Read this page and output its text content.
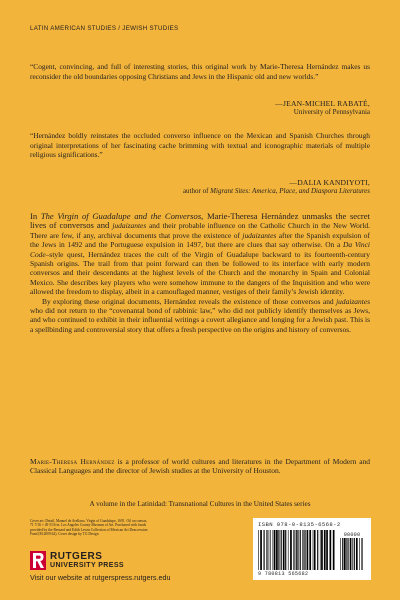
LATIN AMERICAN STUDIES / JEWISH STUDIES
“Cogent, convincing, and full of interesting stories, this original work by Marie-Theresa Hernández makes us reconsider the old boundaries opposing Christians and Jews in the Hispanic old and new worlds.”
—JEAN-MICHEL RABATÉ,
University of Pennsylvania
“Hernández boldly reinstates the occluded converso influence on the Mexican and Spanish Churches through original interpretations of her fascinating cache brimming with textual and iconographic materials of multiple religious significations.”
—DALIA KANDIYOTI,
author of Migrant Sites: America, Place, and Diaspora Literatures

In The Virgin of Guadalupe and the Conversos, Marie-Theresa Hernández unmasks the secret lives of conversos and judaizantes and their probable influence on the Catholic Church in the New World. There are few, if any, archival documents that prove the existence of judaizantes after the Spanish expulsion of the Jews in 1492 and the Portuguese expulsion in 1497, but there are clues that say otherwise. On a Da Vinci Code–style quest, Hernández traces the cult of the Virgin of Guadalupe backward to its fourteenth-century Spanish origins. The trail from that point forward can then be followed to its interface with early modern conversos and their descendants at the highest levels of the Church and the monarchy in Spain and Colonial Mexico. She describes key players who were somehow immune to the dangers of the Inquisition and who were allowed the freedom to display, albeit in a camouflaged manner, vestiges of their family’s Jewish identity.

By exploring these original documents, Hernández reveals the existence of those conversos and judaizantes who did not return to the “covenantal bond of rabbinic law,” who did not publicly identify themselves as Jews, and who continued to exhibit in their influential writings a covert allegiance and longing for a Jewish past. This is a spellbinding and controversial story that offers a fresh perspective on the origins and history of conversos.

Marie-Theresa Hernández is a professor of world cultures and literatures in the Department of Modern and Classical Languages and the director of Jewish studies at the University of Houston.
A volume in the Latinidad: Transnational Cultures in the United States series
Cover art: Detail, Manuel de Arellano, Virgin of Guadalupe, 1691. Oil on canvas, 71 7/16 × 49 5/16 in. Los Angeles County Museum of Art. Purchased with funds provided by the Bernard and Edith Lewin Collection of Mexican Art Deaccession Fund (M.2009.62). Cover design by TG Design
RUTGERS
UNIVERSITY PRESS
Visit our website at rutgerspress.rutgers.edu
ISBN 978-0-8135-6568-2
90000
9 780813 565682
